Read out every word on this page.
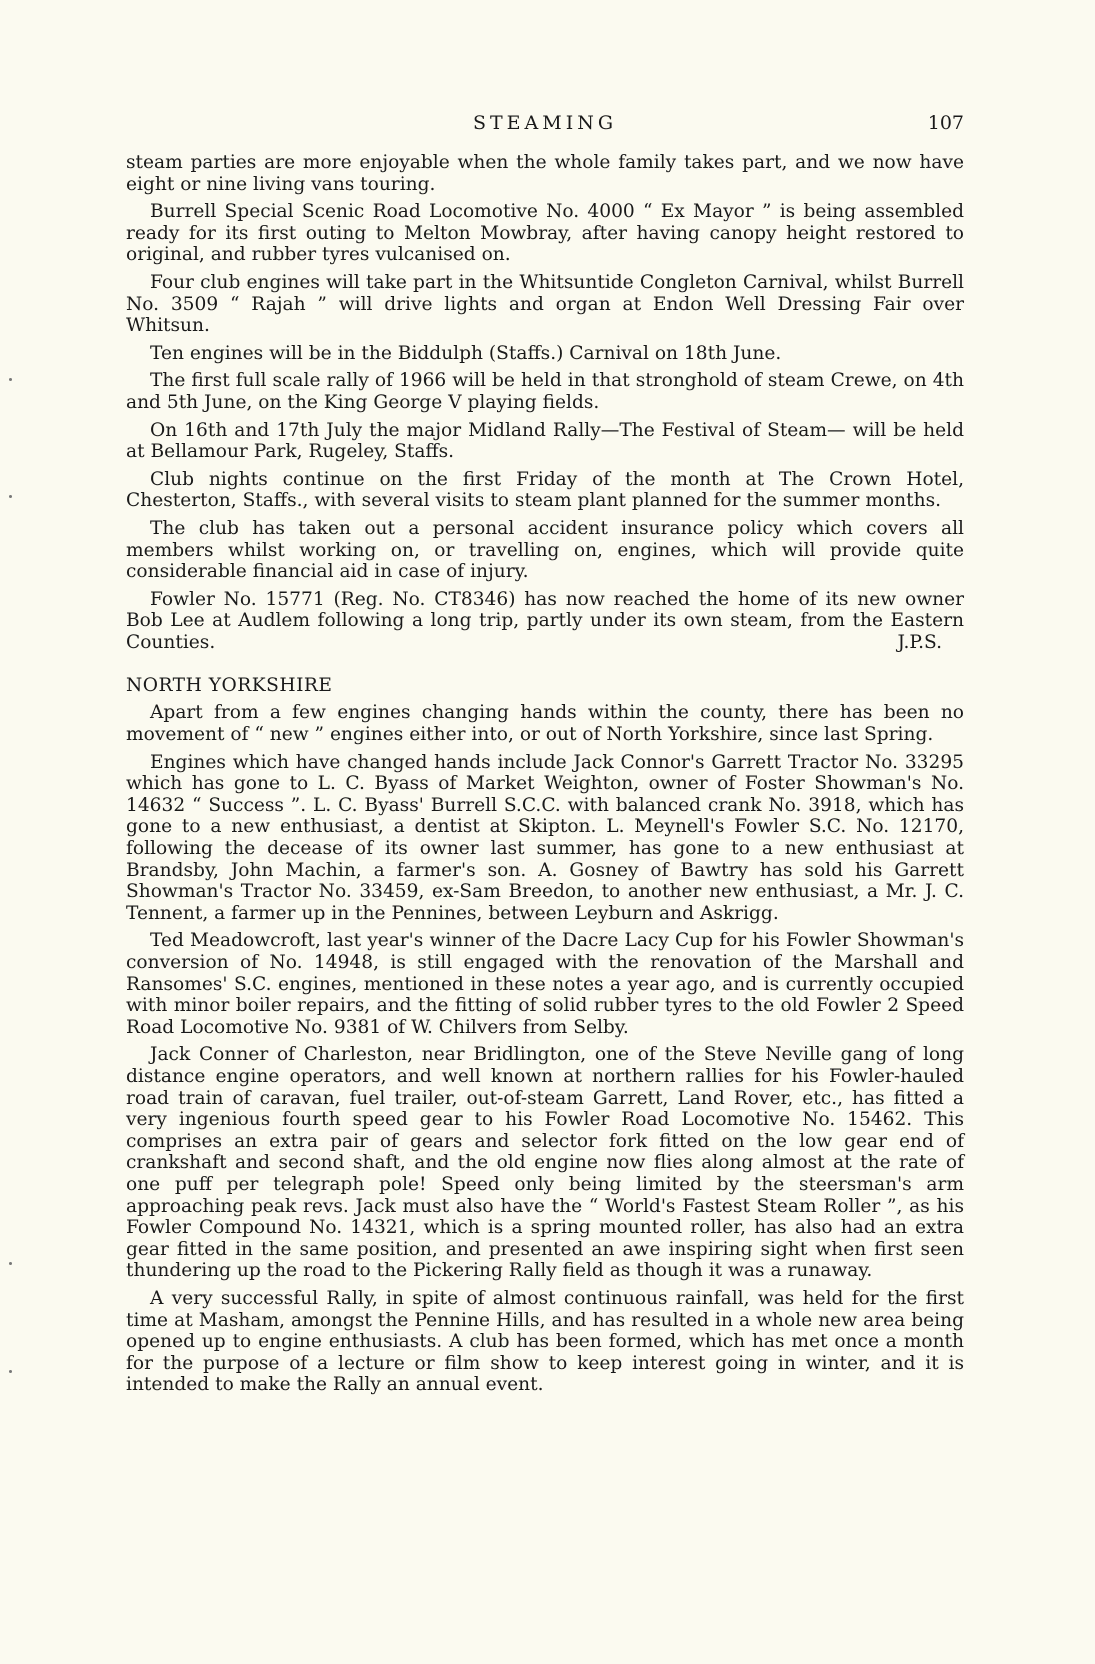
STEAMING	107

steam parties are more enjoyable when the whole family takes part, and we now have eight or nine living vans touring.

Burrell Special Scenic Road Locomotive No. 4000 “ Ex Mayor ” is being assembled ready for its first outing to Melton Mowbray, after having canopy height restored to original, and rubber tyres vulcanised on.

Four club engines will take part in the Whitsuntide Congleton Carnival, whilst Burrell No. 3509 “ Rajah ” will drive lights and organ at Endon Well Dressing Fair over Whitsun.

Ten engines will be in the Biddulph (Staffs.) Carnival on 18th June.

The first full scale rally of 1966 will be held in that stronghold of steam Crewe, on 4th and 5th June, on the King George V playing fields.

On 16th and 17th July the major Midland Rally—The Festival of Steam— will be held at Bellamour Park, Rugeley, Staffs.

Club nights continue on the first Friday of the month at The Crown Hotel, Chesterton, Staffs., with several visits to steam plant planned for the summer months.

The club has taken out a personal accident insurance policy which covers all members whilst working on, or travelling on, engines, which will provide quite considerable financial aid in case of injury.

Fowler No. 15771 (Reg. No. CT8346) has now reached the home of its new owner Bob Lee at Audlem following a long trip, partly under its own steam, from the Eastern Counties.	J.P.S.

NORTH YORKSHIRE

Apart from a few engines changing hands within the county, there has been no movement of “ new ” engines either into, or out of North Yorkshire, since last Spring.

Engines which have changed hands include Jack Connor's Garrett Tractor No. 33295 which has gone to L. C. Byass of Market Weighton, owner of Foster Showman's No. 14632 “ Success ”. L. C. Byass' Burrell S.C.C. with balanced crank No. 3918, which has gone to a new enthusiast, a dentist at Skipton. L. Meynell's Fowler S.C. No. 12170, following the decease of its owner last summer, has gone to a new enthusiast at Brandsby, John Machin, a farmer's son. A. Gosney of Bawtry has sold his Garrett Showman's Tractor No. 33459, ex-Sam Breedon, to another new enthusiast, a Mr. J. C. Tennent, a farmer up in the Pennines, between Leyburn and Askrigg.

Ted Meadowcroft, last year's winner of the Dacre Lacy Cup for his Fowler Showman's conversion of No. 14948, is still engaged with the renovation of the Marshall and Ransomes' S.C. engines, mentioned in these notes a year ago, and is currently occupied with minor boiler repairs, and the fitting of solid rubber tyres to the old Fowler 2 Speed Road Locomotive No. 9381 of W. Chilvers from Selby.

Jack Conner of Charleston, near Bridlington, one of the Steve Neville gang of long distance engine operators, and well known at northern rallies for his Fowler-hauled road train of caravan, fuel trailer, out-of-steam Garrett, Land Rover, etc., has fitted a very ingenious fourth speed gear to his Fowler Road Locomotive No. 15462. This comprises an extra pair of gears and selector fork fitted on the low gear end of crankshaft and second shaft, and the old engine now flies along almost at the rate of one puff per telegraph pole! Speed only being limited by the steersman's arm approaching peak revs. Jack must also have the “ World's Fastest Steam Roller ”, as his Fowler Compound No. 14321, which is a spring mounted roller, has also had an extra gear fitted in the same position, and presented an awe inspiring sight when first seen thundering up the road to the Pickering Rally field as though it was a runaway.

A very successful Rally, in spite of almost continuous rainfall, was held for the first time at Masham, amongst the Pennine Hills, and has resulted in a whole new area being opened up to engine enthusiasts. A club has been formed, which has met once a month for the purpose of a lecture or film show to keep interest going in winter, and it is intended to make the Rally an annual event.
